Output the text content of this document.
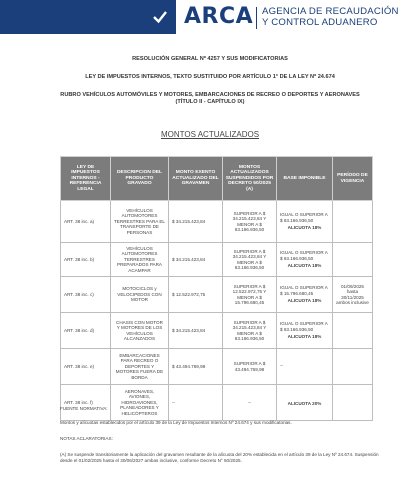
ARCA AGENCIA DE RECAUDACIÓN
Y CONTROL ADUANERO
RESOLUCIÓN GENERAL Nº 4257 Y SUS MODIFICATORIAS
LEY DE IMPUESTOS INTERNOS, TEXTO SUSTITUIDO POR ARTÍCULO 1° DE LA LEY Nº 24.674
RUBRO VEHÍCULOS AUTOMÓVILES Y MOTORES, EMBARCACIONES DE RECREO O DEPORTES Y AERONAVES (TÍTULO II - CAPÍTULO IX)
MONTOS ACTUALIZADOS
LEY DE IMPUESTOS INTERNOS - REFERENCIA LEGAL	DESCRIPCION DEL PRODUCTO GRAVADO	MONTO EXENTO ACTUALIZADO DEL GRAVAMEN	MONTOS ACTUALIZADOS SUSPENDIDOS POR DECRETO 50/2025 (A)	BASE IMPONIBLE	PERÍODO DE VIGENCIA
ART. 38 inc. a)	VEHÍCULOS AUTOMOTORES TERRESTRES PARA EL TRANSPORTE DE PERSONAS	$ 34.215.423,84	SUPERIOR A $ 34.215.423,84 Y MENOR A $ 63.166.936,50	IGUAL O SUPERIOR A $ 63.166.936,50
ALICUOTA 18%	

ART. 38 inc. b)	VEHÍCULOS AUTOMOTORES TERRESTRES PREPARADOS PARA ACAMPAR	$ 34.215.423,84	SUPERIOR A $ 34.215.423,84 Y MENOR A $ 63.166.936,50	IGUAL O SUPERIOR A $ 63.166.936,50
ALICUOTA 18%	

ART. 38 inc. c)	MOTOCICLOS y VELOCIPEDOS CON MOTOR	$ 12.522.972,75	SUPERIOR A $ 12.522.972,75 Y MENOR A $ 15.796.680,45	IGUAL O SUPERIOR A $ 15.796.680,45
ALICUOTA 18%	01/09/2025 hasta 30/11/2025 ambos inclusive
ART. 38 inc. d)	CHASIS CON MOTOR Y MOTORES DE LOS VEHÍCULOS ALCANZADOS	$ 34.215.423,84	SUPERIOR A $ 34.215.423,84 Y MENOR A $ 63.166.936,50	IGUAL O SUPERIOR A $ 63.166.936,50
ALICUOTA 18%	

ART. 38 inc. e)	EMBARCACIONES PARA RECREO O DEPORTES Y MOTORES FUERA DE BORDA	$ 43.494.769,98	SUPERIOR A $ 43.494.769,98	--

ART. 38 inc. f)	AERONAVES, AVIONES, HIDROAVIONES, PLANEADORES Y HELICÓPTEROS	--	--	ALICUOTA 20%	

FUENTE NORMATIVA:
Montos y alícuotas establecidos por el artículo 39 de la Ley de Impuestos Internos Nº 24.674 y sus modificatorias.
NOTAS ACLARATORIAS:
(A) Se suspende transitoriamente la aplicación del gravamen resultante de la alícuota del 20% establecida en el artículo 39 de la Ley Nº 24.674. Suspensión desde el 01/02/2025 hasta el 30/06/2027 ambas inclusive, conforme Decreto N° 50/2025.
